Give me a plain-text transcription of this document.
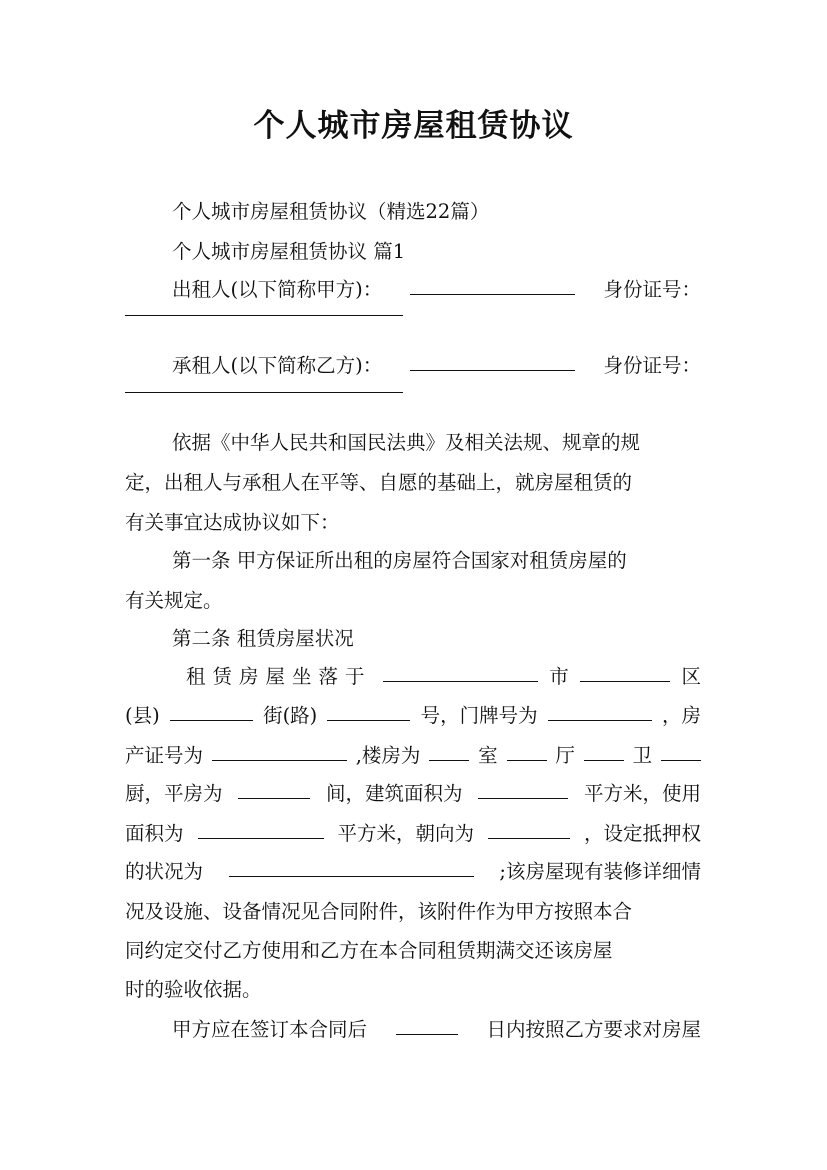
个人城市房屋租赁协议
个人城市房屋租赁协议（精选22篇）
个人城市房屋租赁协议 篇1
出租人(以下简称甲方)：	身份证号：
承租人(以下简称乙方)：	身份证号：
依据《中华人民共和国民法典》及相关法规、规章的规
定，出租人与承租人在平等、自愿的基础上，就房屋租赁的
有关事宜达成协议如下：
第一条 甲方保证所出租的房屋符合国家对租赁房屋的
有关规定。
第二条 租赁房屋状况
租赁房屋坐落于	市	区
(县)	街(路)	号，门牌号为	，房
产证号为	,楼房为	室	厅	卫
厨，平房为	间，建筑面积为	平方米，使用
面积为	平方米，朝向为	，设定抵押权
的状况为	;该房屋现有装修详细情
况及设施、设备情况见合同附件，该附件作为甲方按照本合
同约定交付乙方使用和乙方在本合同租赁期满交还该房屋
时的验收依据。
甲方应在签订本合同后	日内按照乙方要求对房屋
